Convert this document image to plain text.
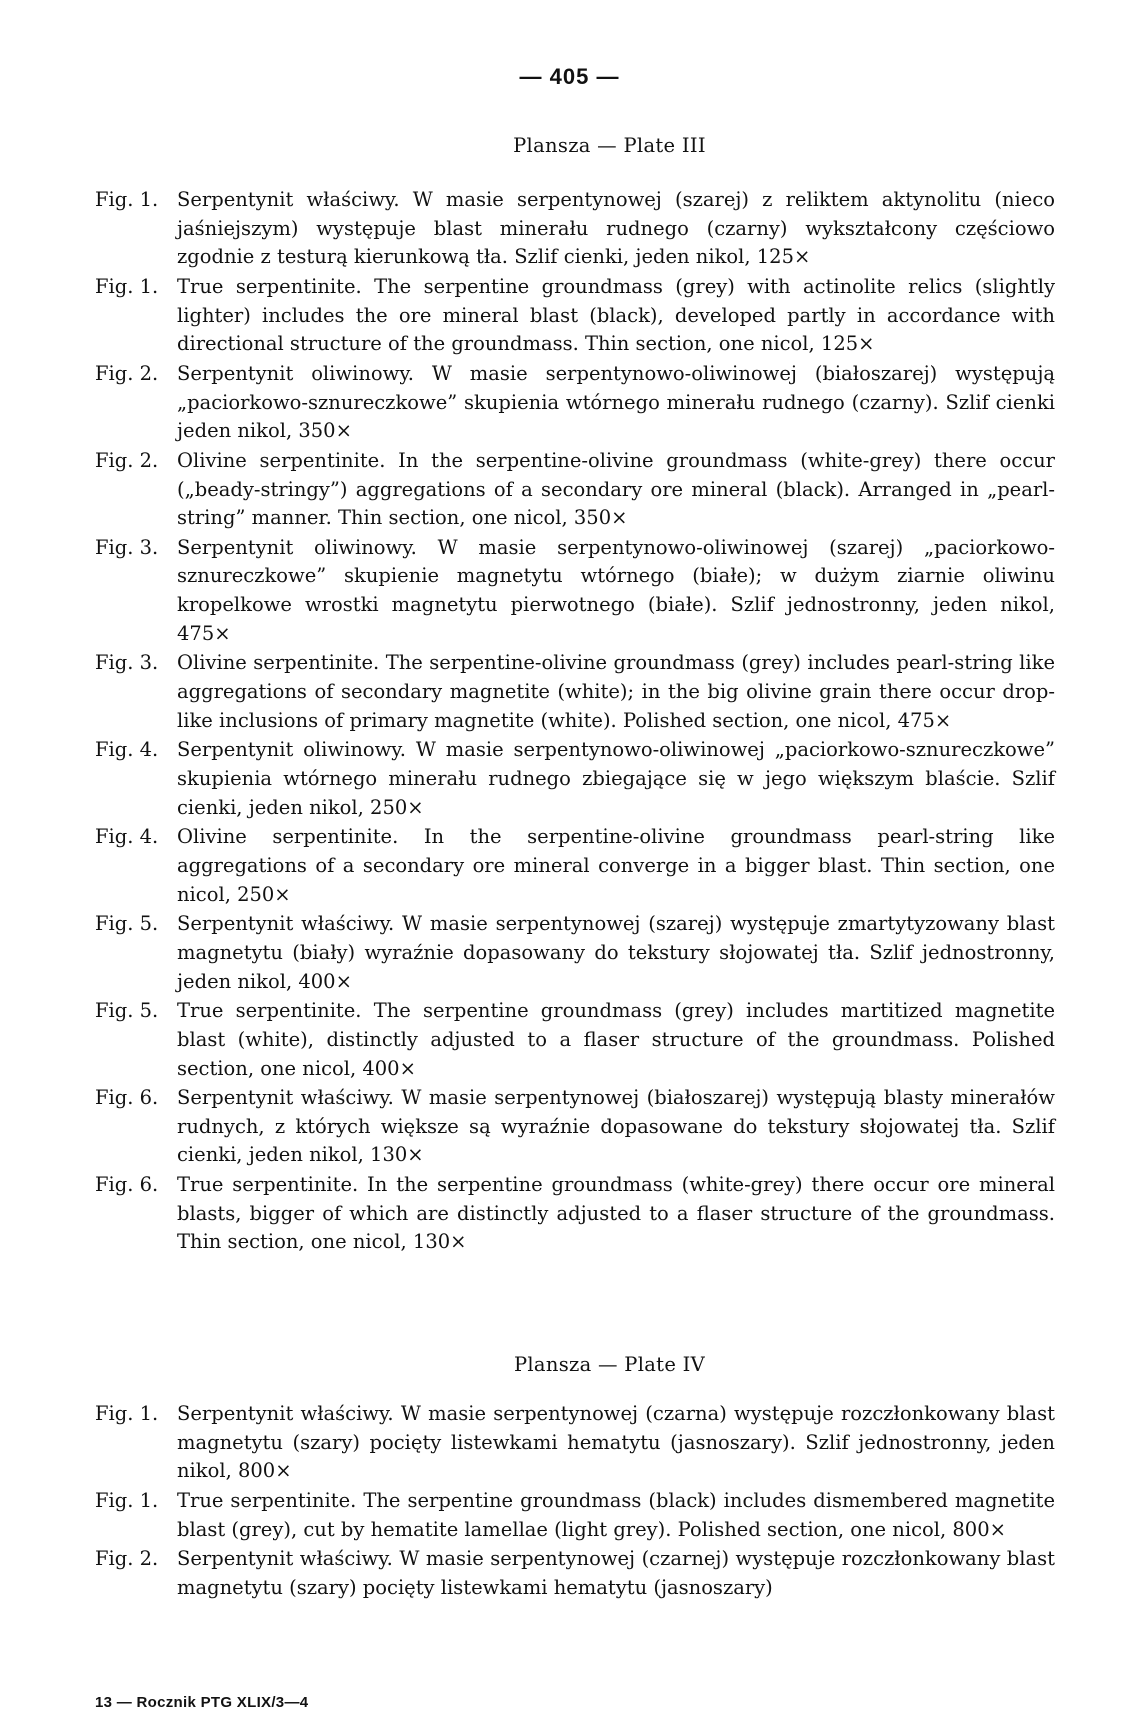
— 405 —
Plansza — Plate III
Fig. 1. Serpentynit właściwy. W masie serpentynowej (szarej) z reliktem aktynolitu (nieco jaśniejszym) występuje blast minerału rudnego (czarny) wykształcony częściowo zgodnie z testurą kierunkową tła. Szlif cienki, jeden nikol, 125×
Fig. 1. True serpentinite. The serpentine groundmass (grey) with actinolite relics (slightly lighter) includes the ore mineral blast (black), developed partly in accordance with directional structure of the groundmass. Thin section, one nicol, 125×
Fig. 2. Serpentynit oliwinowy. W masie serpentynowo-oliwinowej (białoszarej) występują „paciorkowo-sznureczkowe” skupienia wtórnego minerału rudnego (czarny). Szlif cienki jeden nikol, 350×
Fig. 2. Olivine serpentinite. In the serpentine-olivine groundmass (white-grey) there occur („beady-stringy”) aggregations of a secondary ore mineral (black). Arranged in „pearl-string” manner. Thin section, one nicol, 350×
Fig. 3. Serpentynit oliwinowy. W masie serpentynowo-oliwinowej (szarej) „paciorkowo-sznureczkowe” skupienie magnetytu wtórnego (białe); w dużym ziarnie oliwinu kropelkowe wrostki magnetytu pierwotnego (białe). Szlif jednostronny, jeden nikol, 475×
Fig. 3. Olivine serpentinite. The serpentine-olivine groundmass (grey) includes pearl-string like aggregations of secondary magnetite (white); in the big olivine grain there occur drop-like inclusions of primary magnetite (white). Polished section, one nicol, 475×
Fig. 4. Serpentynit oliwinowy. W masie serpentynowo-oliwinowej „paciorkowo-sznureczkowe” skupienia wtórnego minerału rudnego zbiegające się w jego większym blaście. Szlif cienki, jeden nikol, 250×
Fig. 4. Olivine serpentinite. In the serpentine-olivine groundmass pearl-string like aggregations of a secondary ore mineral converge in a bigger blast. Thin section, one nicol, 250×
Fig. 5. Serpentynit właściwy. W masie serpentynowej (szarej) występuje zmartytyzowany blast magnetytu (biały) wyraźnie dopasowany do tekstury słojowatej tła. Szlif jednostronny, jeden nikol, 400×
Fig. 5. True serpentinite. The serpentine groundmass (grey) includes martitized magnetite blast (white), distinctly adjusted to a flaser structure of the groundmass. Polished section, one nicol, 400×
Fig. 6. Serpentynit właściwy. W masie serpentynowej (białoszarej) występują blasty minerałów rudnych, z których większe są wyraźnie dopasowane do tekstury słojowatej tła. Szlif cienki, jeden nikol, 130×
Fig. 6. True serpentinite. In the serpentine groundmass (white-grey) there occur ore mineral blasts, bigger of which are distinctly adjusted to a flaser structure of the groundmass. Thin section, one nicol, 130×
Plansza — Plate IV
Fig. 1. Serpentynit właściwy. W masie serpentynowej (czarna) występuje rozczłonkowany blast magnetytu (szary) pocięty listewkami hematytu (jasnoszary). Szlif jednostronny, jeden nikol, 800×
Fig. 1. True serpentinite. The serpentine groundmass (black) includes dismembered magnetite blast (grey), cut by hematite lamellae (light grey). Polished section, one nicol, 800×
Fig. 2. Serpentynit właściwy. W masie serpentynowej (czarnej) występuje rozczłonkowany blast magnetytu (szary) pocięty listewkami hematytu (jasnoszary)
13 — Rocznik PTG XLIX/3—4
